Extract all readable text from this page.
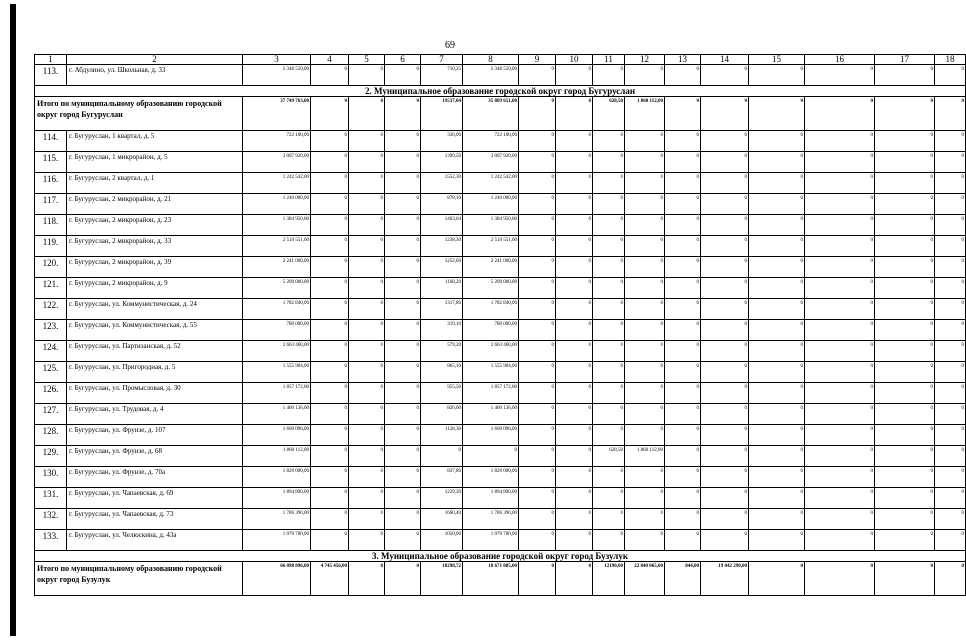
69
1	2	3	4	5	6	7	8	9	10	11	12	13	14	15	16	17	18
113.	г. Абдулино, ул. Школьная, д. 33	2 348 550,00	0	0	0	710,25	2 348 550,00	0	0	0	0	0	0	0	0	0	0
2. Муниципальное образование городской округ город Бугуруслан																	
Итого по муниципальному образованию городской округ город Бугуруслан		37 749 763,00	0	0	0	19537,04	35 889 651,00	0	0	628,50	1 860 112,00	0	0	0	0	0	0
114.	г. Бугуруслан, 1 квартал, д. 5	722 100,00	0	0	0	336,00	722 100,00	0	0	0	0	0	0	0	0	0	0
115.	г. Бугуруслан, 1 микрорайон, д. 5	3 007 920,00	0	0	0	1399,50	3 007 920,00	0	0	0	0	0	0	0	0	0	0
116.	г. Бугуруслан, 2 квартал, д. 1	1 242 542,00	0	0	0	1552,30	1 242 542,00	0	0	0	0	0	0	0	0	0	0
117.	г. Бугуруслан, 2 микрорайон, д. 21	1 240 000,00	0	0	0	878,10	1 240 000,00	0	0	0	0	0	0	0	0	0	0
118.	г. Бугуруслан, 2 микрорайон, д. 23	1 384 950,00	0	0	0	1463,64	1 384 950,00	0	0	0	0	0	0	0	0	0	0
119.	г. Бугуруслан, 2 микрорайон, д. 33	2 519 551,00	0	0	0	1238,30	2 519 551,00	0	0	0	0	0	0	0	0	0	0
120.	г. Бугуруслан, 2 микрорайон, д. 39	2 241 000,00	0	0	0	1252,60	2 241 000,00	0	0	0	0	0	0	0	0	0	0
121.	г. Бугуруслан, 2 микрорайон, д. 9	5 200 000,00	0	0	0	1168,20	5 200 000,00	0	0	0	0	0	0	0	0	0	0
122.	г. Бугуруслан, ул. Коммунистическая, д. 24	1 782 840,00	0	0	0	1317,80	1 782 840,00	0	0	0	0	0	0	0	0	0	0
123.	г. Бугуруслан, ул. Коммунистическая, д. 55	780 000,00	0	0	0	319,10	780 000,00	0	0	0	0	0	0	0	0	0	0
124.	г. Бугуруслан, ул. Партизанская, д. 52	2 663 460,00	0	0	0	579,20	2 663 460,00	0	0	0	0	0	0	0	0	0	0
125.	г. Бугуруслан, ул. Пригородная, д. 5	1 555 904,00	0	0	0	865,10	1 555 904,00	0	0	0	0	0	0	0	0	0	0
126.	г. Бугуруслан, ул. Промысловая, д. 30	1 857 172,00	0	0	0	955,50	1 857 172,00	0	0	0	0	0	0	0	0	0	0
127.	г. Бугуруслан, ул. Трудовая, д. 4	1 460 136,00	0	0	0	826,00	1 460 136,00	0	0	0	0	0	0	0	0	0	0
128.	г. Бугуруслан, ул. Фрунзе, д. 107	1 660 096,00	0	0	0	1128,30	1 660 096,00	0	0	0	0	0	0	0	0	0	0
129.	г. Бугуруслан, ул. Фрунзе, д. 68	1 860 112,00	0	0	0	0	0	0	0	628,50	1 860 112,00	0	0	0	0	0	0
130.	г. Бугуруслан, ул. Фрунзе, д. 70а	1 820 000,00	0	0	0	837,80	1 820 000,00	0	0	0	0	0	0	0	0	0	0
131.	г. Бугуруслан, ул. Чапаевская, д. 69	1 894 890,00	0	0	0	1229,20	1 894 890,00	0	0	0	0	0	0	0	0	0	0
132.	г. Бугуруслан, ул. Чапаевская, д. 73	1 786 390,00	0	0	0	1660,40	1 786 390,00	0	0	0	0	0	0	0	0	0	0
133.	г. Бугуруслан, ул. Челюскина, д. 43а	1 070 700,00	0	0	0	1050,00	1 070 700,00	0	0	0	0	0	0	0	0	0	0
3. Муниципальное образование городской округ город Бузулук																	
Итого по муниципальному образованию городской округ город Бузулук		66 098 896,00	4 745 456,00	0	0	10298,72	18 671 085,00	0	0	12190,00	22 840 065,00	844,00	19 842 290,00	0	0	0	0
